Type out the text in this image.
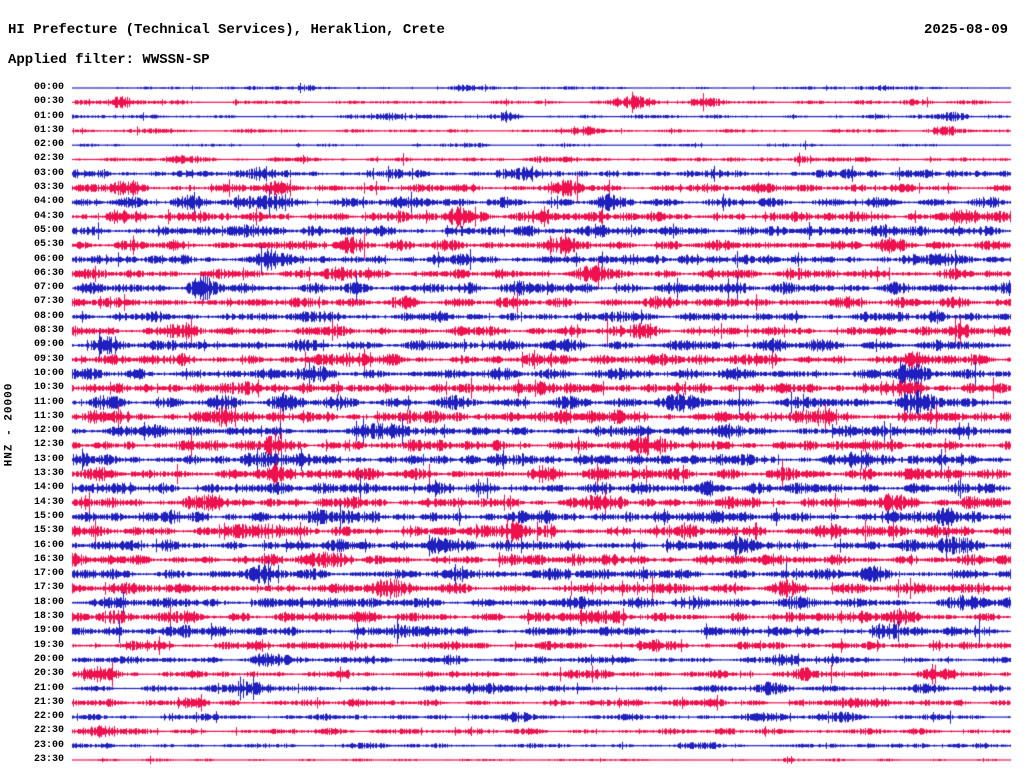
HI Prefecture (Technical Services), Heraklion, Crete	2025-08-09
Applied filter: WWSSN-SP
HNZ - 20000
00:00
00:30
01:00
01:30
02:00
02:30
03:00
03:30
04:00
04:30
05:00
05:30
06:00
06:30
07:00
07:30
08:00
08:30
09:00
09:30
10:00
10:30
11:00
11:30
12:00
12:30
13:00
13:30
14:00
14:30
15:00
15:30
16:00
16:30
17:00
17:30
18:00
18:30
19:00
19:30
20:00
20:30
21:00
21:30
22:00
22:30
23:00
23:30
